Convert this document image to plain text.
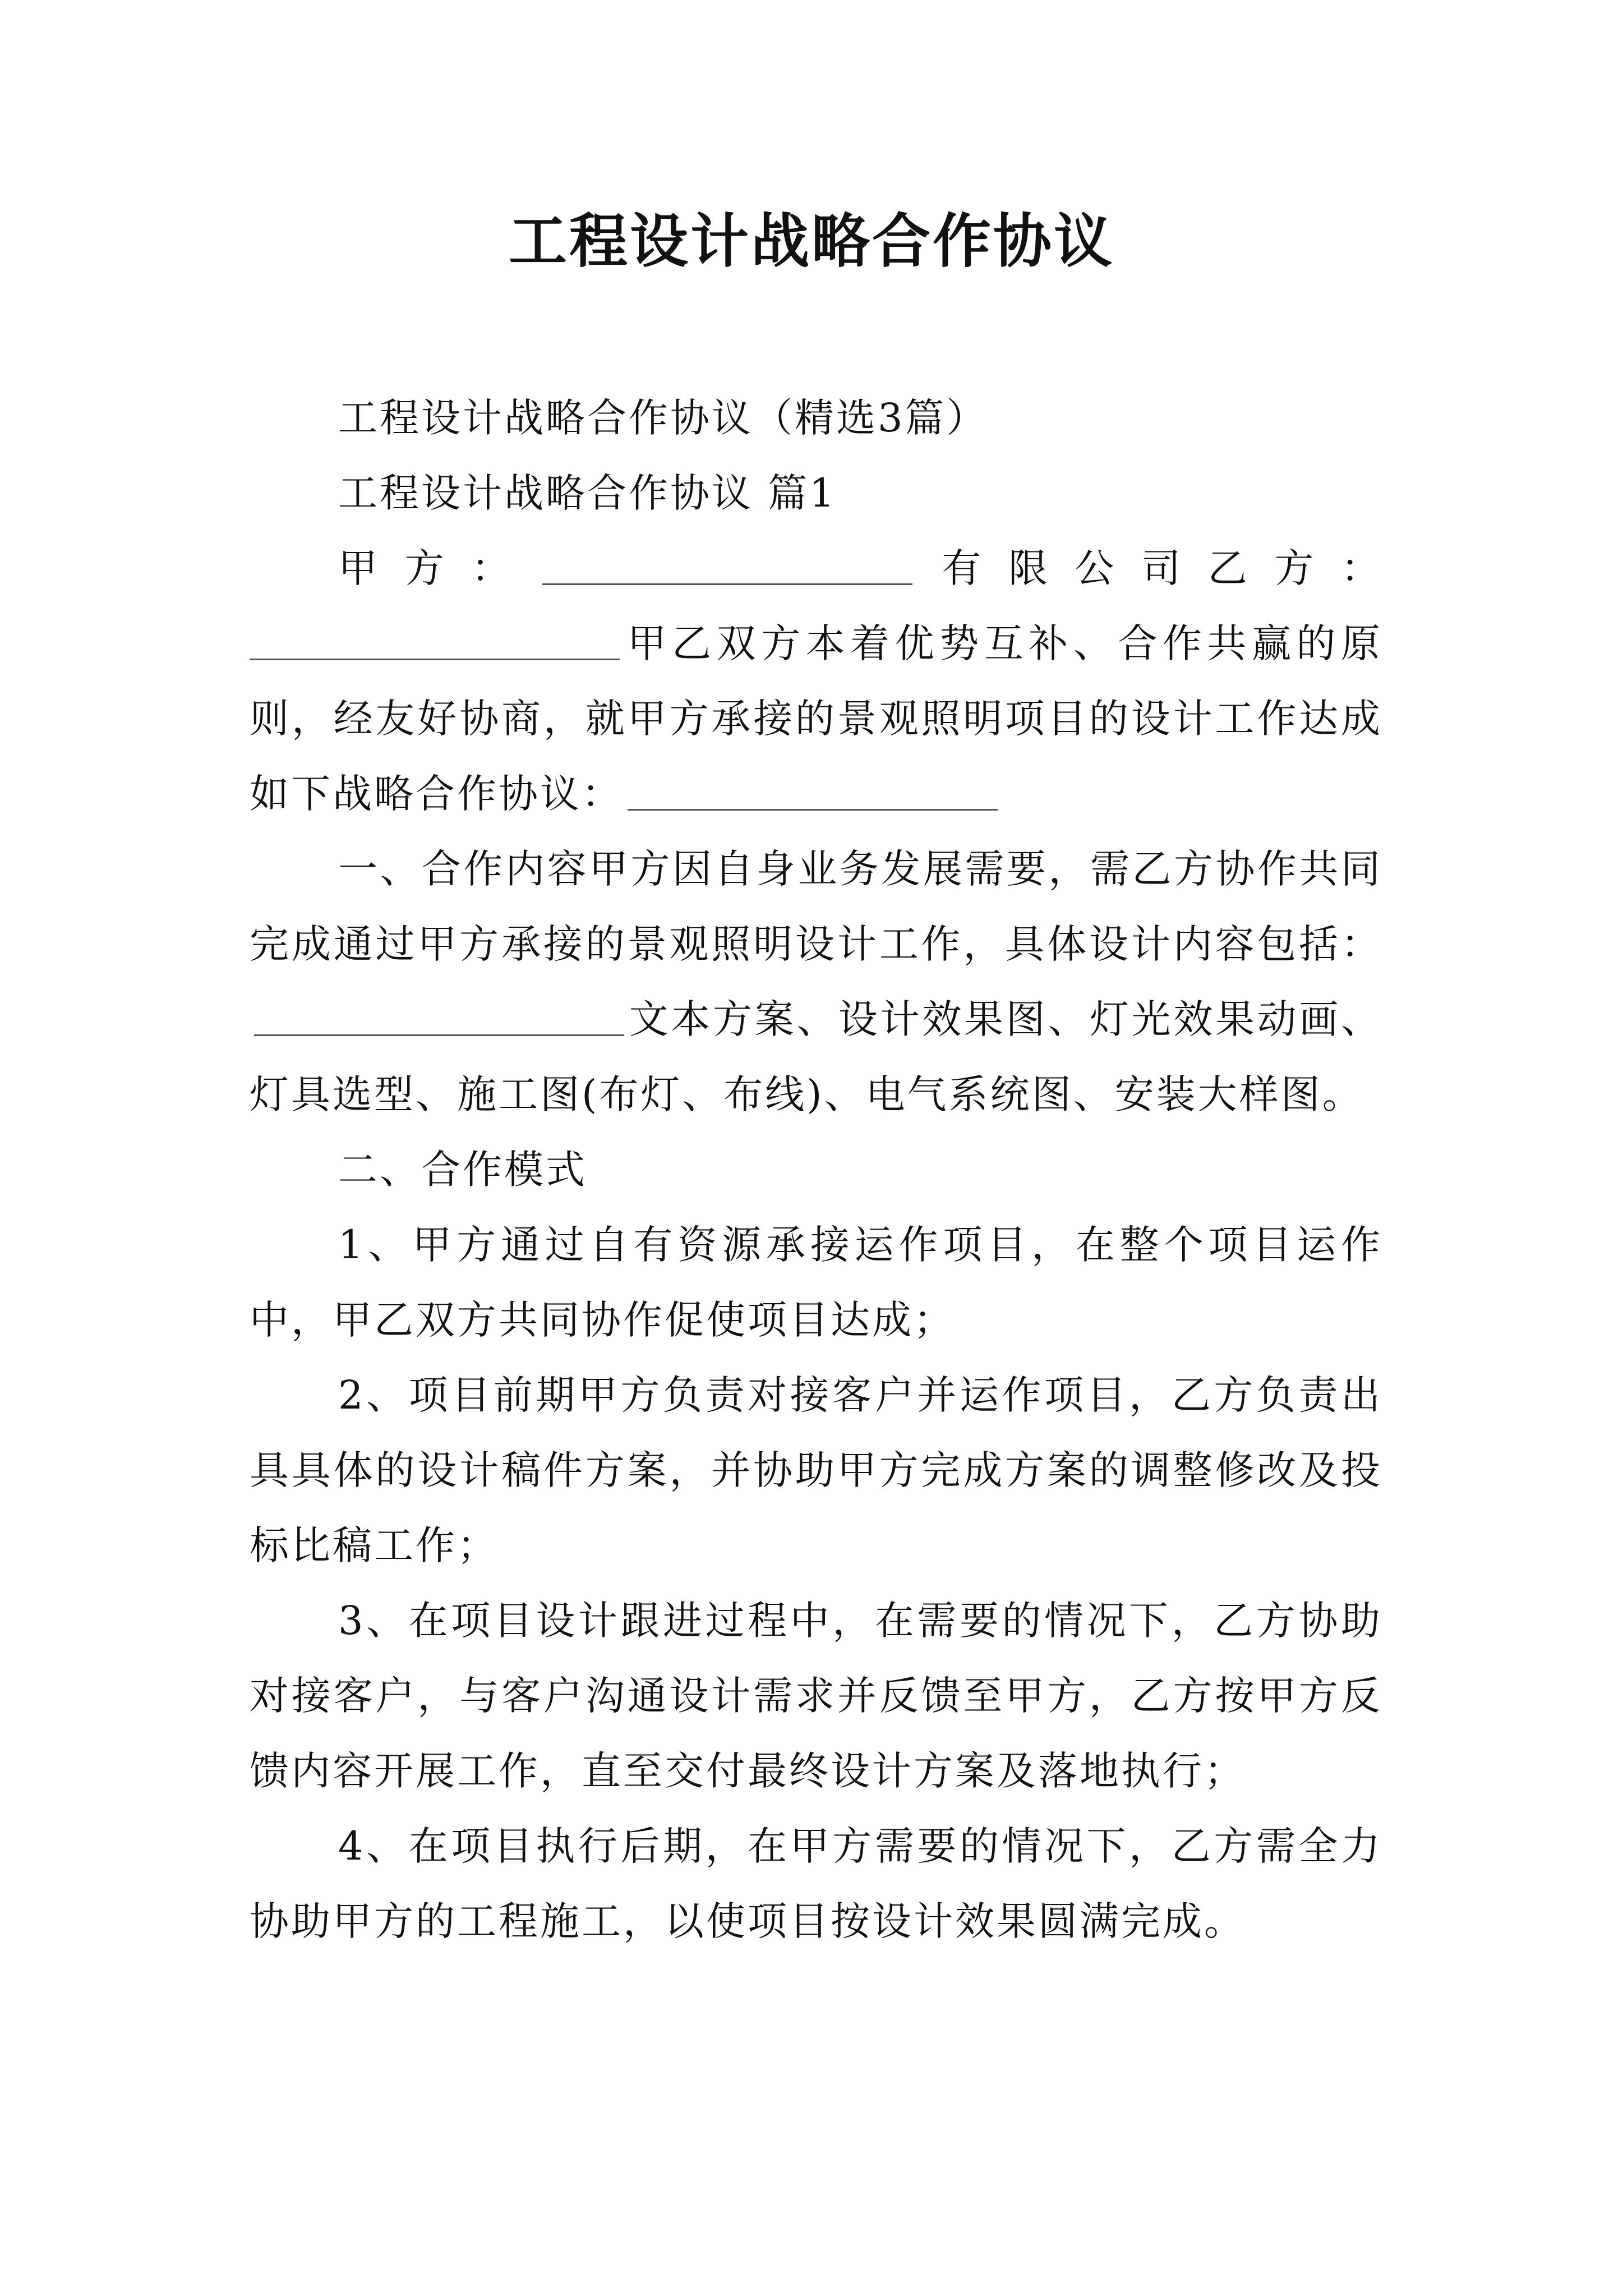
工程设计战略合作协议

工程设计战略合作协议（精选3篇）

工程设计战略合作协议 篇1

甲方：	有限公司乙方：

甲乙双方本着优势互补、合作共赢的原则，经友好协商，就甲方承接的景观照明项目的设计工作达成如下战略合作协议：

一、合作内容甲方因自身业务发展需要，需乙方协作共同完成通过甲方承接的景观照明设计工作，具体设计内容包括：文本方案、设计效果图、灯光效果动画、灯具选型、施工图(布灯、布线)、电气系统图、安装大样图。

二、合作模式

1、甲方通过自有资源承接运作项目，在整个项目运作中，甲乙双方共同协作促使项目达成；

2、项目前期甲方负责对接客户并运作项目，乙方负责出具具体的设计稿件方案，并协助甲方完成方案的调整修改及投标比稿工作；

3、在项目设计跟进过程中，在需要的情况下，乙方协助对接客户，与客户沟通设计需求并反馈至甲方，乙方按甲方反馈内容开展工作，直至交付最终设计方案及落地执行；

4、在项目执行后期，在甲方需要的情况下，乙方需全力协助甲方的工程施工，以使项目按设计效果圆满完成。
